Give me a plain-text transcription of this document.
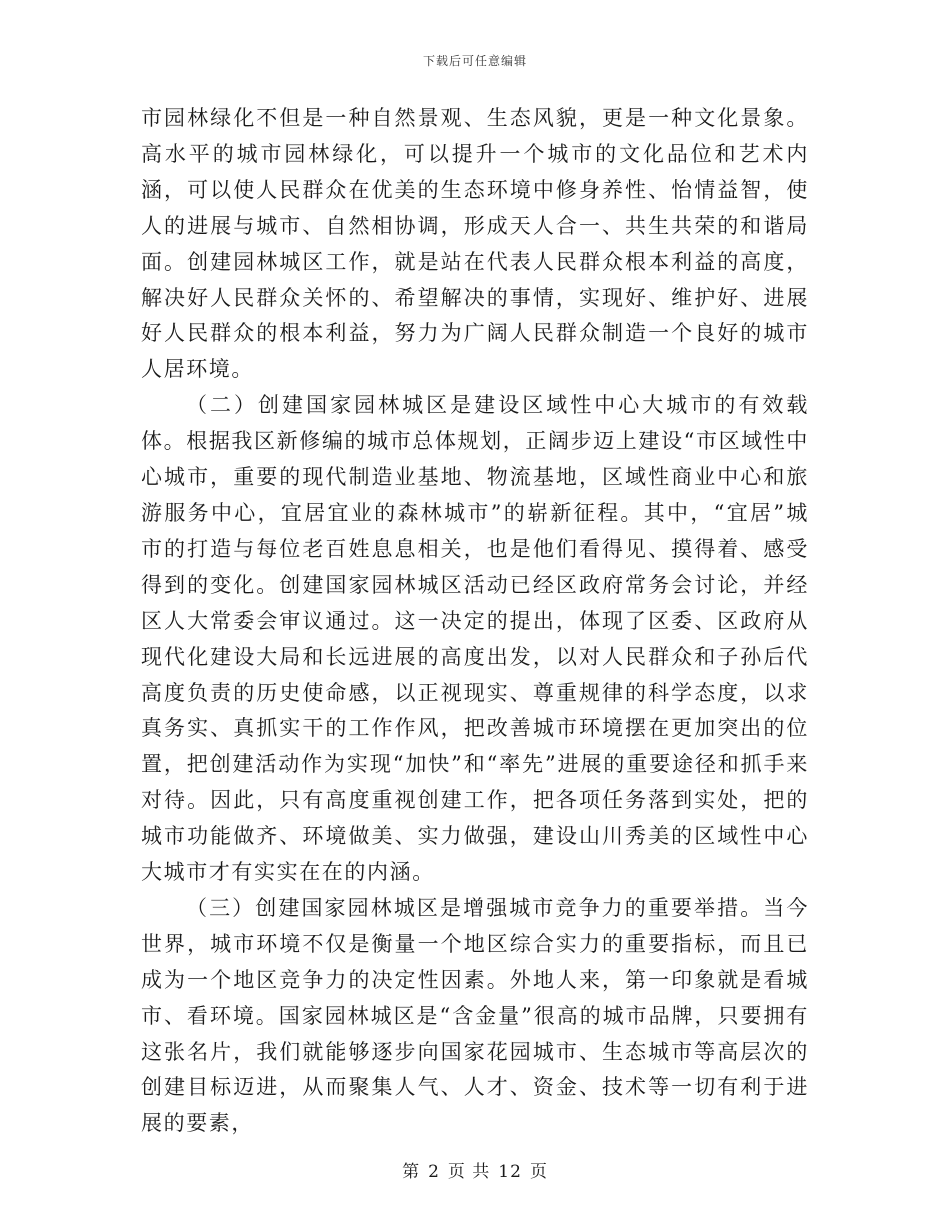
下载后可任意编辑

市园林绿化不但是一种自然景观、生态风貌，更是一种文化景象。高水平的城市园林绿化，可以提升一个城市的文化品位和艺术内涵，可以使人民群众在优美的生态环境中修身养性、怡情益智，使人的进展与城市、自然相协调，形成天人合一、共生共荣的和谐局面。创建园林城区工作，就是站在代表人民群众根本利益的高度，解决好人民群众关怀的、希望解决的事情，实现好、维护好、进展好人民群众的根本利益，努力为广阔人民群众制造一个良好的城市人居环境。

（二）创建国家园林城区是建设区域性中心大城市的有效载体。根据我区新修编的城市总体规划，正阔步迈上建设“市区域性中心城市，重要的现代制造业基地、物流基地，区域性商业中心和旅游服务中心，宜居宜业的森林城市”的崭新征程。其中，“宜居”城市的打造与每位老百姓息息相关，也是他们看得见、摸得着、感受得到的变化。创建国家园林城区活动已经区政府常务会讨论，并经区人大常委会审议通过。这一决定的提出，体现了区委、区政府从现代化建设大局和长远进展的高度出发，以对人民群众和子孙后代高度负责的历史使命感，以正视现实、尊重规律的科学态度，以求真务实、真抓实干的工作作风，把改善城市环境摆在更加突出的位置，把创建活动作为实现“加快”和“率先”进展的重要途径和抓手来对待。因此，只有高度重视创建工作，把各项任务落到实处，把的城市功能做齐、环境做美、实力做强，建设山川秀美的区域性中心大城市才有实实在在的内涵。

（三）创建国家园林城区是增强城市竞争力的重要举措。当今世界，城市环境不仅是衡量一个地区综合实力的重要指标，而且已成为一个地区竞争力的决定性因素。外地人来，第一印象就是看城市、看环境。国家园林城区是“含金量”很高的城市品牌，只要拥有这张名片，我们就能够逐步向国家花园城市、生态城市等高层次的创建目标迈进，从而聚集人气、人才、资金、技术等一切有利于进展的要素，

第 2 页 共 12 页
